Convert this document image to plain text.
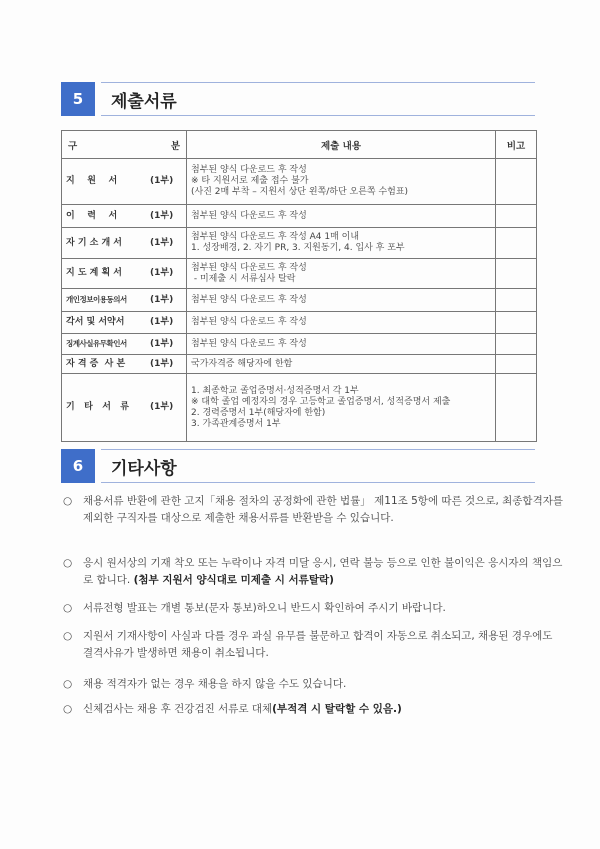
5	제출서류
구 분	제출 내용	비고
지    원    서 (1부)	첨부된 양식 다운로드 후 작성
※ 타 지원서로 제출 접수 불가
(사진 2매 부착 – 지원서 상단 왼쪽/하단 오른쪽 수험표)	

이    력    서 (1부)	첨부된 양식 다운로드 후 작성	

자 기 소 개 서 (1부)	첨부된 양식 다운로드 후 작성 A4 1매 이내
1. 성장배경, 2. 자기 PR, 3. 지원동기, 4. 입사 후 포부	

지 도 계 획 서 (1부)	첨부된 양식 다운로드 후 작성
- 미제출 시 서류심사 탈락	

개인정보이용동의서 (1부)	첨부된 양식 다운로드 후 작성	

각서 및 서약서 (1부)	첨부된 양식 다운로드 후 작성	

징계사실유무확인서 (1부)	첨부된 양식 다운로드 후 작성	

자 격 증  사 본 (1부)	국가자격증 해당자에 한함	

기   타   서   류 (1부)	1. 최종학교 졸업증명서·성적증명서 각 1부
※ 대학 졸업 예정자의 경우 고등학교 졸업증명서, 성적증명서 제출
2. 경력증명서 1부(해당자에 한함)
3. 가족관계증명서 1부	

6	기타사항
○ 채용서류 반환에 관한 고지「채용 절차의 공정화에 관한 법률」 제11조 5항에 따른 것으로, 최종합격자를 제외한 구직자를 대상으로 제출한 채용서류를 반환받을 수 있습니다.
○ 응시 원서상의 기재 착오 또는 누락이나 자격 미달 응시, 연락 불능 등으로 인한 불이익은 응시자의 책임으로 합니다. (첨부 지원서 양식대로 미제출 시 서류탈락)
○ 서류전형 발표는 개별 통보(문자 통보)하오니 반드시 확인하여 주시기 바랍니다.
○ 지원서 기재사항이 사실과 다를 경우 과실 유무를 불문하고 합격이 자동으로 취소되고, 채용된 경우에도 결격사유가 발생하면 채용이 취소됩니다.
○ 채용 적격자가 없는 경우 채용을 하지 않을 수도 있습니다.
○ 신체검사는 채용 후 건강검진 서류로 대체(부적격 시 탈락할 수 있음.)
